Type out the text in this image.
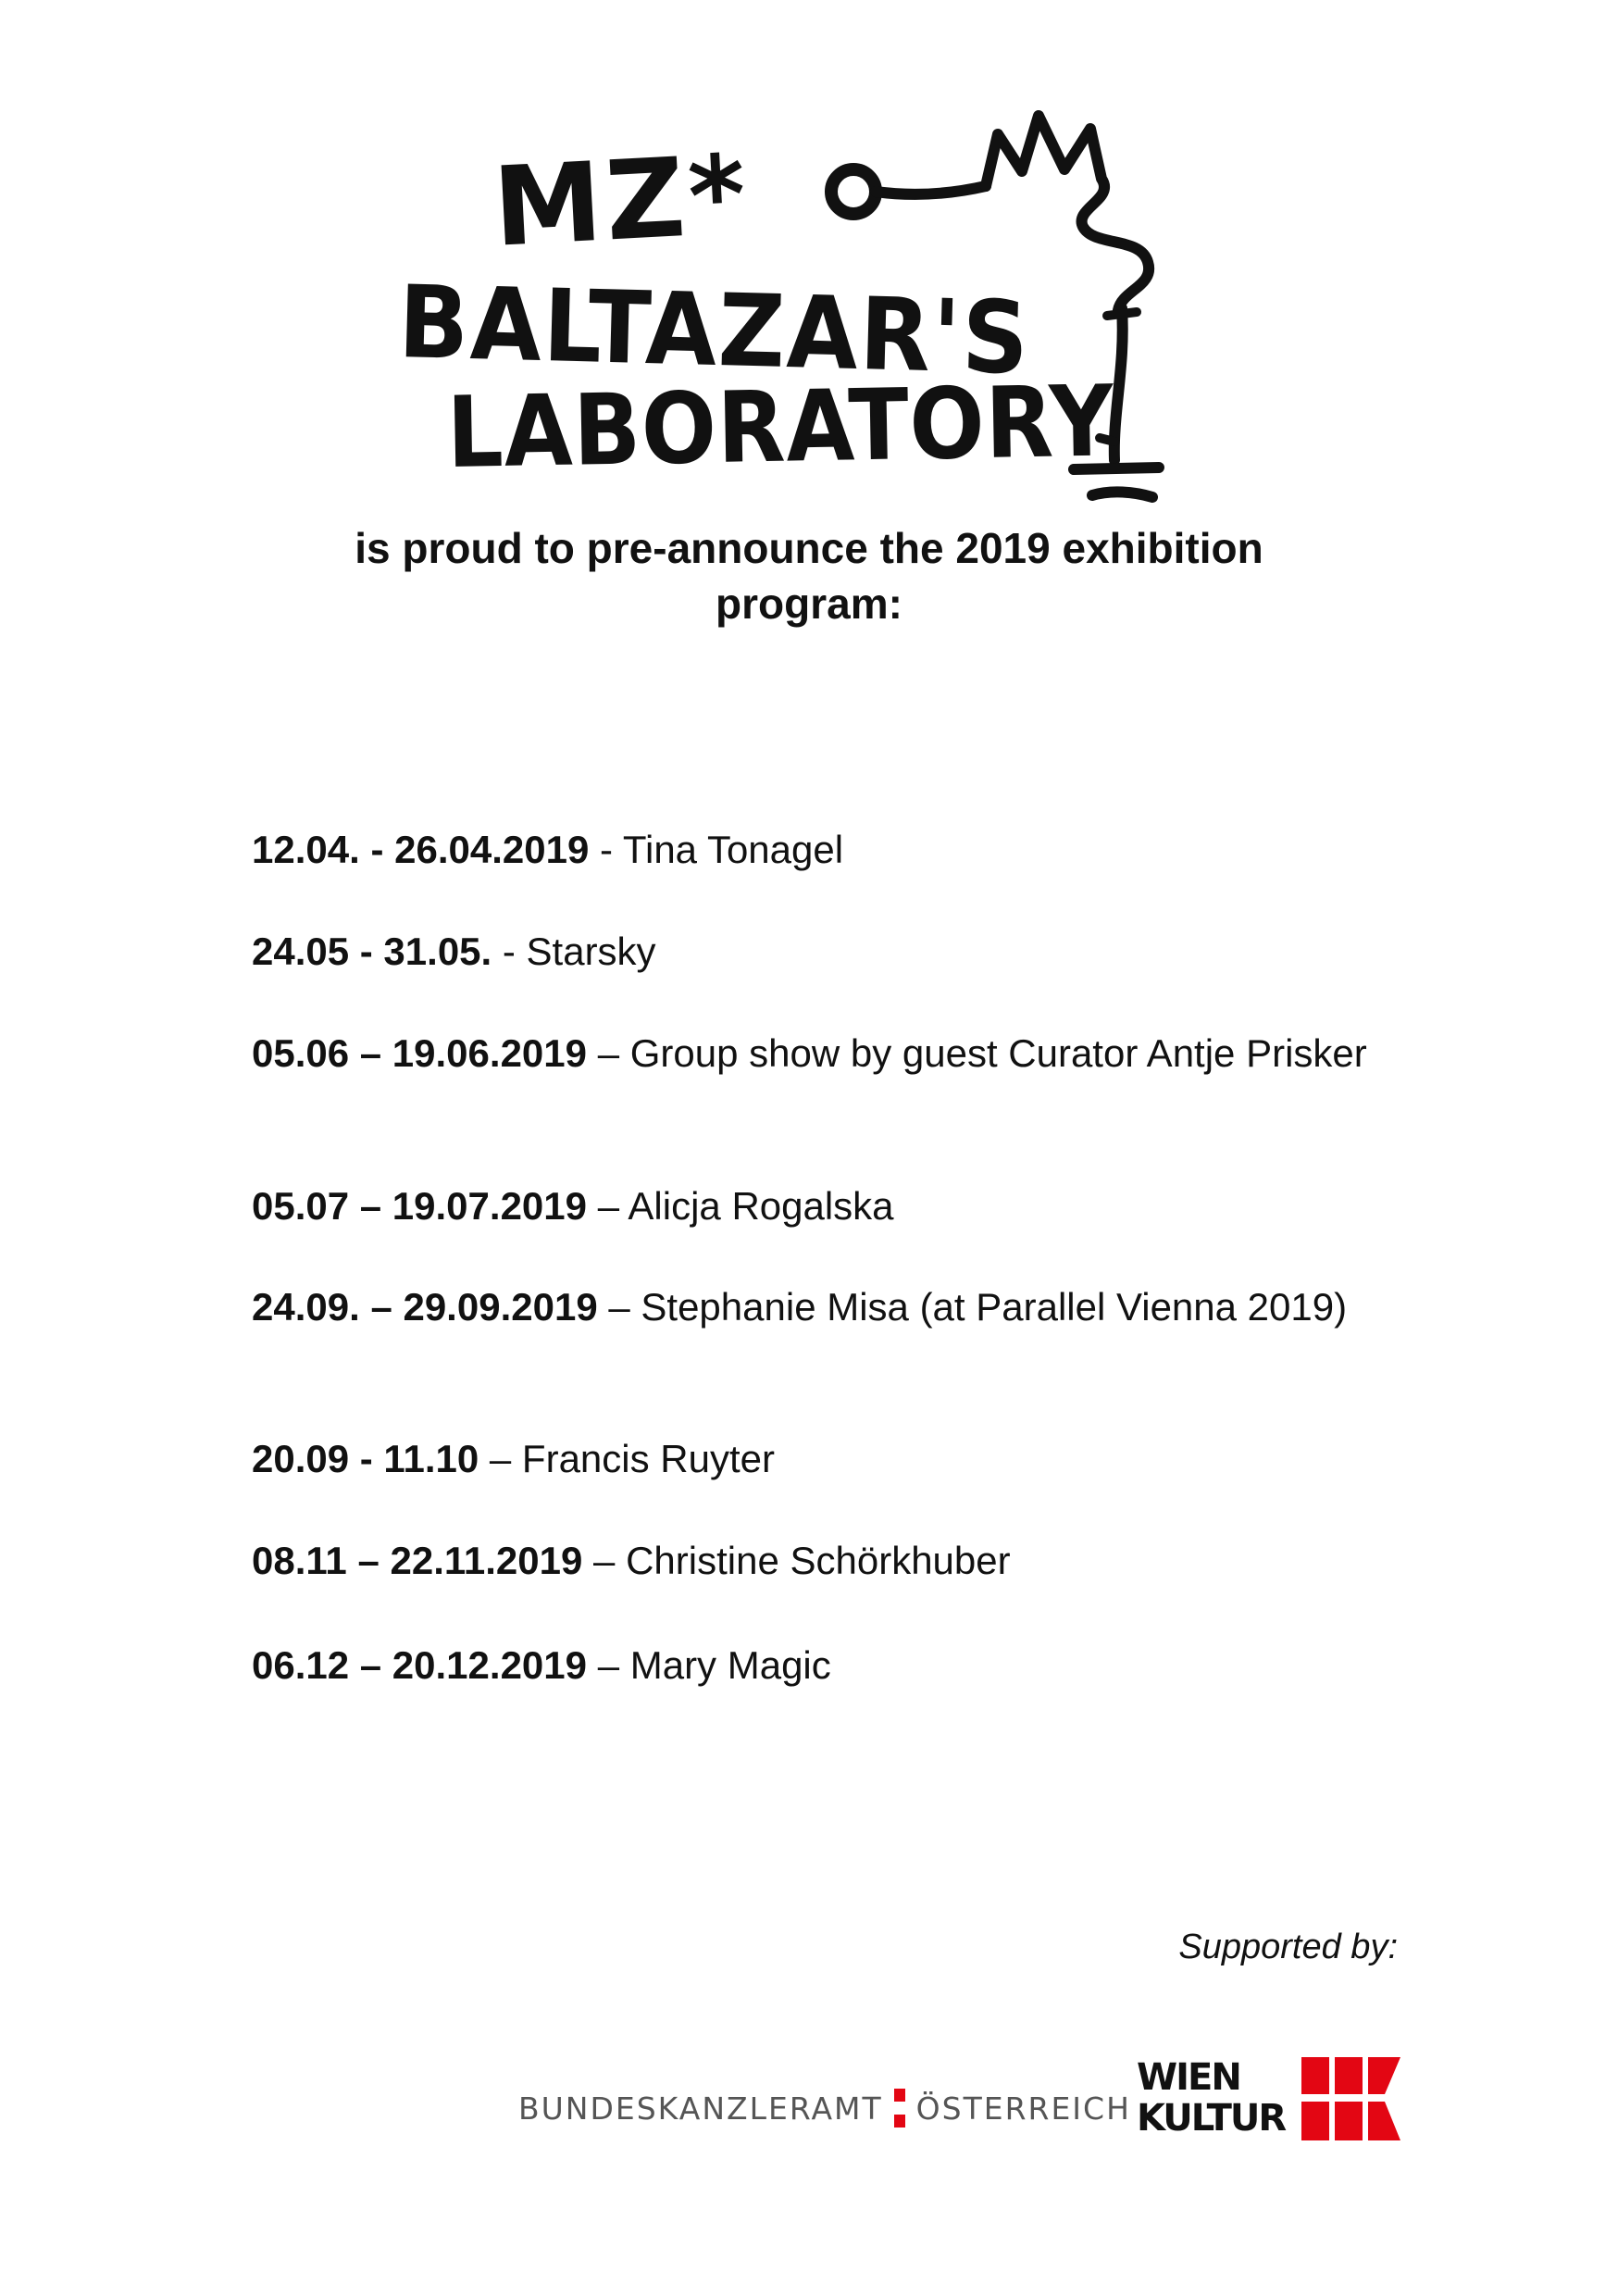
MZ*
BALTAZAR'S
LABORATORY
is proud to pre-announce the 2019 exhibition
program:
12.04. - 26.04.2019 - Tina Tonagel
24.05 - 31.05. - Starsky
05.06 – 19.06.2019 – Group show by guest Curator Antje Prisker
05.07 – 19.07.2019 – Alicja Rogalska
24.09. – 29.09.2019 – Stephanie Misa (at Parallel Vienna 2019)
20.09 - 11.10 – Francis Ruyter
08.11 – 22.11.2019 – Christine Schörkhuber
06.12 – 20.12.2019 – Mary Magic
Supported by:
BUNDESKANZLERAMT ÖSTERREICH
WIEN
KULTUR
